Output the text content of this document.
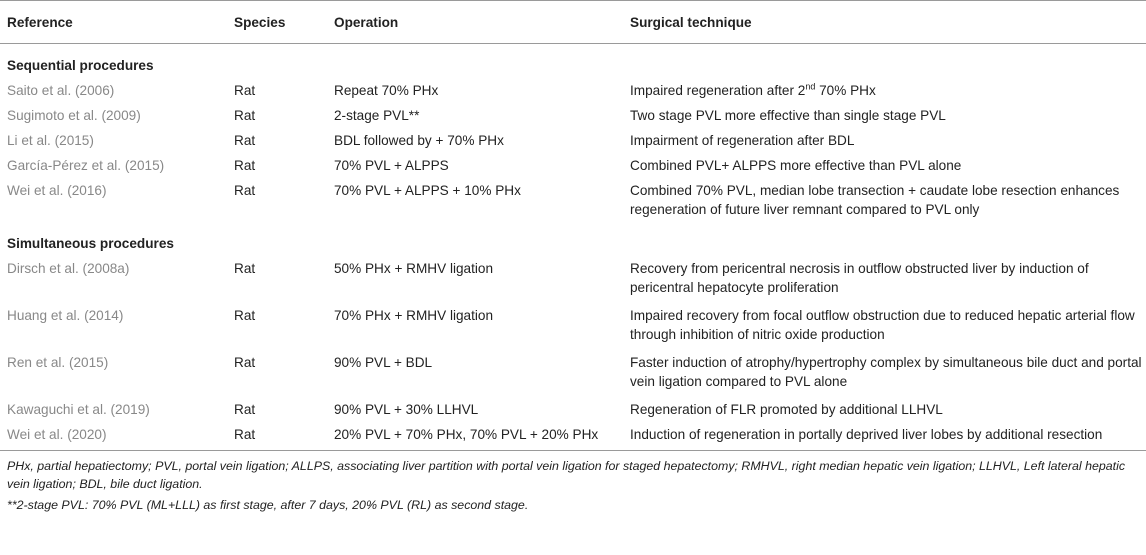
Reference	Species	Operation	Surgical technique
Sequential procedures			
Saito et al. (2006)	Rat	Repeat 70% PHx	Impaired regeneration after 2nd 70% PHx
Sugimoto et al. (2009)	Rat	2-stage PVL**	Two stage PVL more effective than single stage PVL
Li et al. (2015)	Rat	BDL followed by + 70% PHx	Impairment of regeneration after BDL
García-Pérez et al. (2015)	Rat	70% PVL + ALPPS	Combined PVL+ ALPPS more effective than PVL alone
Wei et al. (2016)	Rat	70% PVL + ALPPS + 10% PHx	Combined 70% PVL, median lobe transection + caudate lobe resection enhances regeneration of future liver remnant compared to PVL only
Simultaneous procedures			
Dirsch et al. (2008a)	Rat	50% PHx + RMHV ligation	Recovery from pericentral necrosis in outflow obstructed liver by induction of pericentral hepatocyte proliferation
Huang et al. (2014)	Rat	70% PHx + RMHV ligation	Impaired recovery from focal outflow obstruction due to reduced hepatic arterial flow through inhibition of nitric oxide production
Ren et al. (2015)	Rat	90% PVL + BDL	Faster induction of atrophy/hypertrophy complex by simultaneous bile duct and portal vein ligation compared to PVL alone
Kawaguchi et al. (2019)	Rat	90% PVL + 30% LLHVL	Regeneration of FLR promoted by additional LLHVL
Wei et al. (2020)	Rat	20% PVL + 70% PHx, 70% PVL + 20% PHx	Induction of regeneration in portally deprived liver lobes by additional resection

PHx, partial hepatiectomy; PVL, portal vein ligation; ALLPS, associating liver partition with portal vein ligation for staged hepatectomy; RMHVL, right median hepatic vein ligation; LLHVL, Left lateral hepatic vein ligation; BDL, bile duct ligation.

**2-stage PVL: 70% PVL (ML+LLL) as first stage, after 7 days, 20% PVL (RL) as second stage.
